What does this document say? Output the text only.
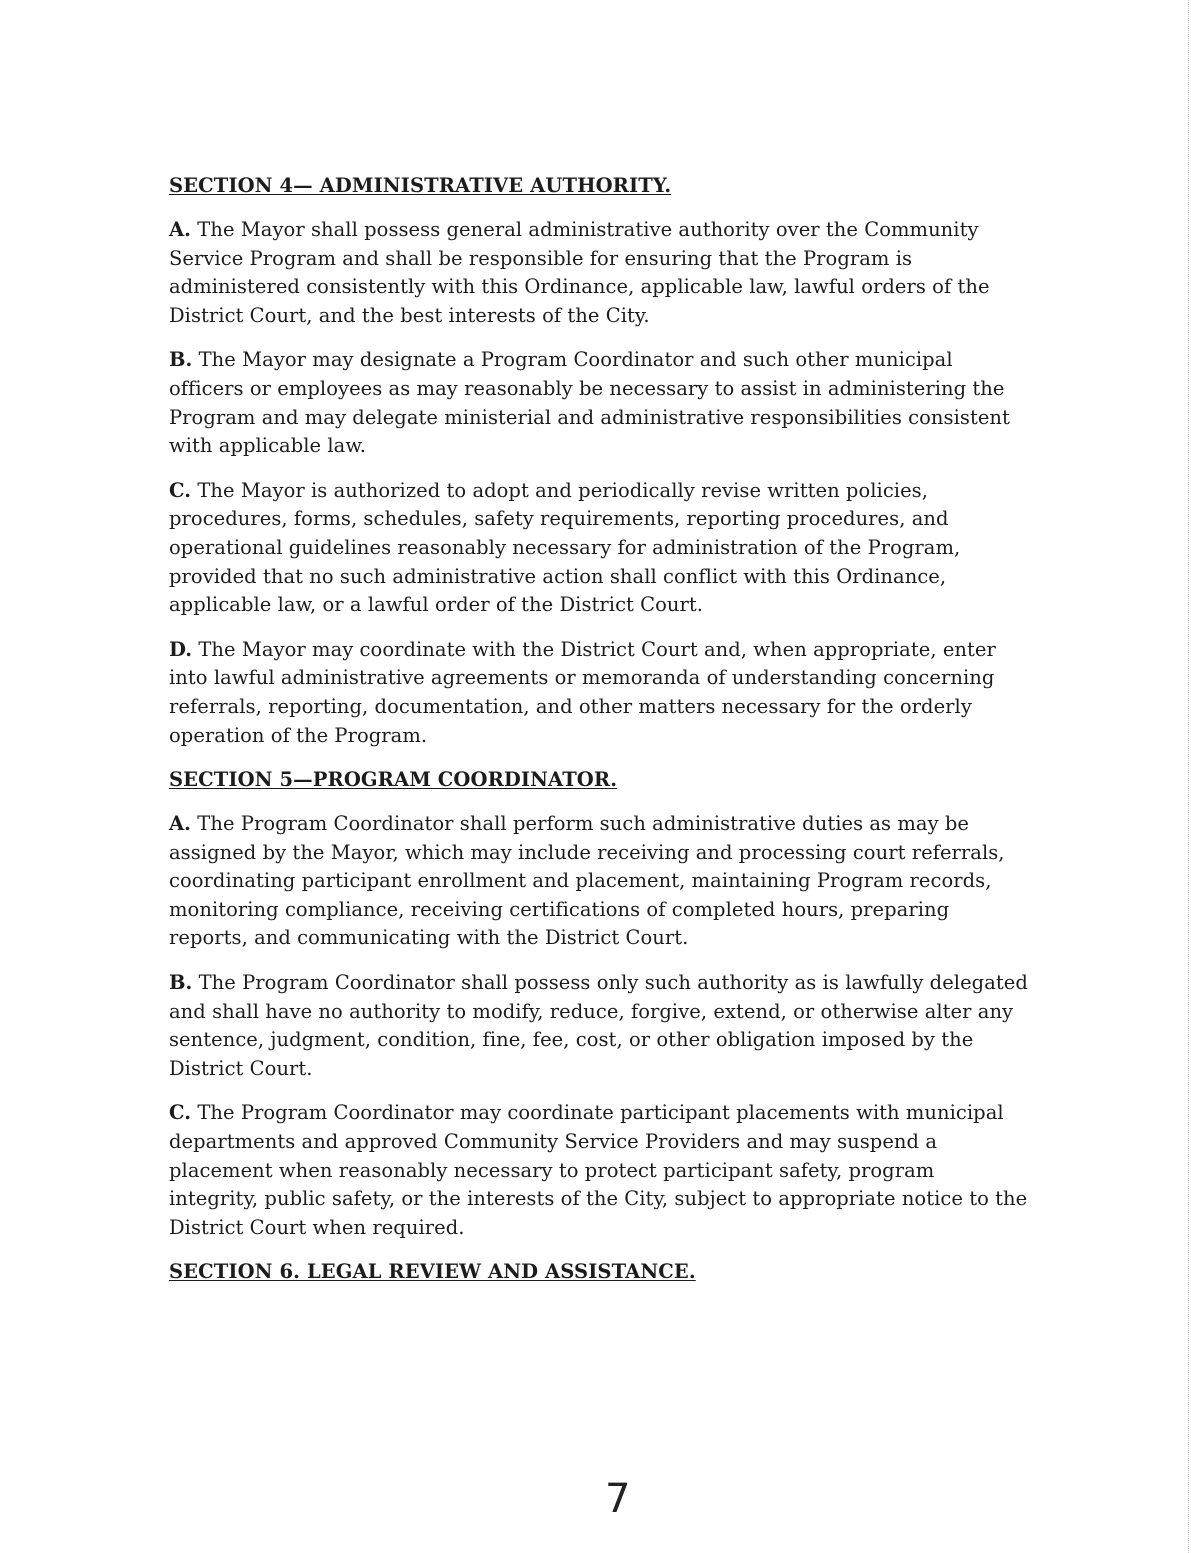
SECTION 4— ADMINISTRATIVE AUTHORITY.

A. The Mayor shall possess general administrative authority over the Community Service Program and shall be responsible for ensuring that the Program is administered consistently with this Ordinance, applicable law, lawful orders of the District Court, and the best interests of the City.

B. The Mayor may designate a Program Coordinator and such other municipal officers or employees as may reasonably be necessary to assist in administering the Program and may delegate ministerial and administrative responsibilities consistent with applicable law.

C. The Mayor is authorized to adopt and periodically revise written policies, procedures, forms, schedules, safety requirements, reporting procedures, and operational guidelines reasonably necessary for administration of the Program, provided that no such administrative action shall conflict with this Ordinance, applicable law, or a lawful order of the District Court.

D. The Mayor may coordinate with the District Court and, when appropriate, enter into lawful administrative agreements or memoranda of understanding concerning referrals, reporting, documentation, and other matters necessary for the orderly operation of the Program.

SECTION 5—PROGRAM COORDINATOR.

A. The Program Coordinator shall perform such administrative duties as may be assigned by the Mayor, which may include receiving and processing court referrals, coordinating participant enrollment and placement, maintaining Program records, monitoring compliance, receiving certifications of completed hours, preparing reports, and communicating with the District Court.

B. The Program Coordinator shall possess only such authority as is lawfully delegated and shall have no authority to modify, reduce, forgive, extend, or otherwise alter any sentence, judgment, condition, fine, fee, cost, or other obligation imposed by the District Court.

C. The Program Coordinator may coordinate participant placements with municipal departments and approved Community Service Providers and may suspend a placement when reasonably necessary to protect participant safety, program integrity, public safety, or the interests of the City, subject to appropriate notice to the District Court when required.

SECTION 6. LEGAL REVIEW AND ASSISTANCE.
7
